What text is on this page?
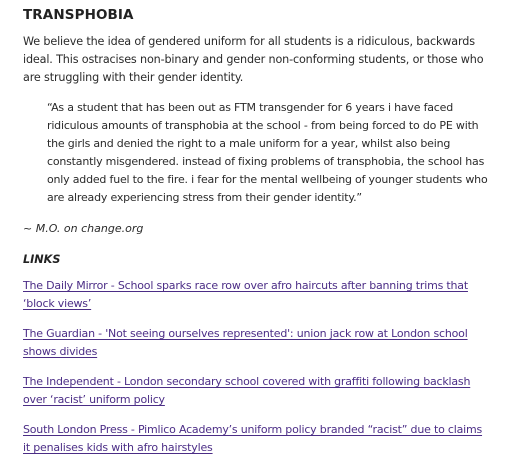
TRANSPHOBIA

We believe the idea of gendered uniform for all students is a ridiculous, backwards ideal. This ostracises non-binary and gender non-conforming students, or those who are struggling with their gender identity.

“As a student that has been out as FTM transgender for 6 years i have faced ridiculous amounts of transphobia at the school - from being forced to do PE with the girls and denied the right to a male uniform for a year, whilst also being constantly misgendered. instead of fixing problems of transphobia, the school has only added fuel to the fire. i fear for the mental wellbeing of younger students who are already experiencing stress from their gender identity.”

~ M.O. on change.org

LINKS

The Daily Mirror - School sparks race row over afro haircuts after banning trims that ‘block views’
The Guardian - 'Not seeing ourselves represented': union jack row at London school shows divides
The Independent - London secondary school covered with graffiti following backlash over ‘racist’ uniform policy
South London Press - Pimlico Academy’s uniform policy branded “racist” due to claims it penalises kids with afro hairstyles
